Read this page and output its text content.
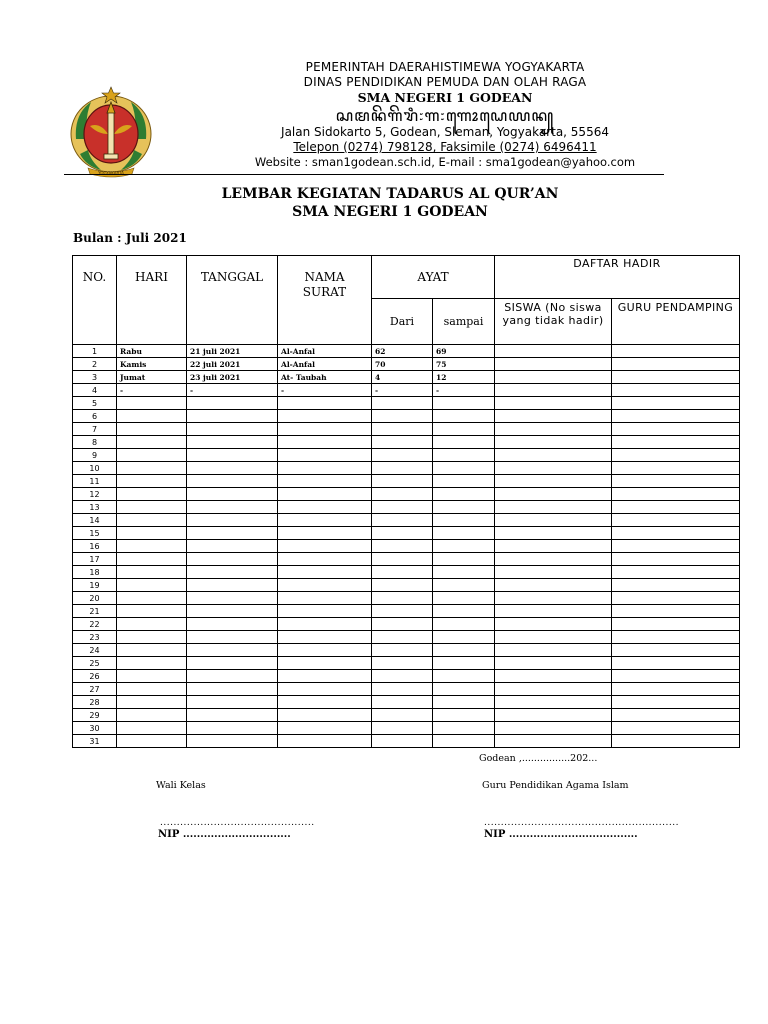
YOGYAKARTA
PEMERINTAH DAERAHISTIMEWA YOGYAKARTA
DINAS PENDIDIKAN PEMUDA DAN OLAH RAGA
SMA NEGERI 1 GODEAN
ꦱꦩꦤꦼꦒꦼꦫꦶ꧇꧑꧇ꦒꦺꦴꦝꦺꦪꦤ꧀
Jalan Sidokarto 5, Godean, Sleman, Yogyakarta, 55564
Telepon (0274) 798128, Faksimile (0274) 6496411
Website : sman1godean.sch.id, E-mail : sma1godean@yahoo.com
LEMBAR KEGIATAN TADARUS AL QUR’AN
SMA NEGERI 1 GODEAN
Bulan : Juli 2021
NO.	HARI	TANGGAL	NAMA SURAT	AYAT		DAFTAR HADIR	
				Dari	sampai	SISWA (No siswa yang tidak hadir)	GURU PENDAMPING
1	Rabu	21 juli 2021	Al-Anfal	62	69		
2	Kamis	22 juli 2021	Al-Anfal	70	75		
3	Jumat	23 juli 2021	At- Taubah	4	12		
4	-	-	-	-	-		
5							
6							
7							
8							
9							
10							
11							
12							
13							
14							
15							
16							
17							
18							
19							
20							
21							
22							
23							
24							
25							
26							
27							
28							
29							
30							
31							
Godean ,................202...
Wali Kelas	Guru Pendidikan Agama Islam
..............................................	..........................................................
NIP ...............................	NIP .....................................
